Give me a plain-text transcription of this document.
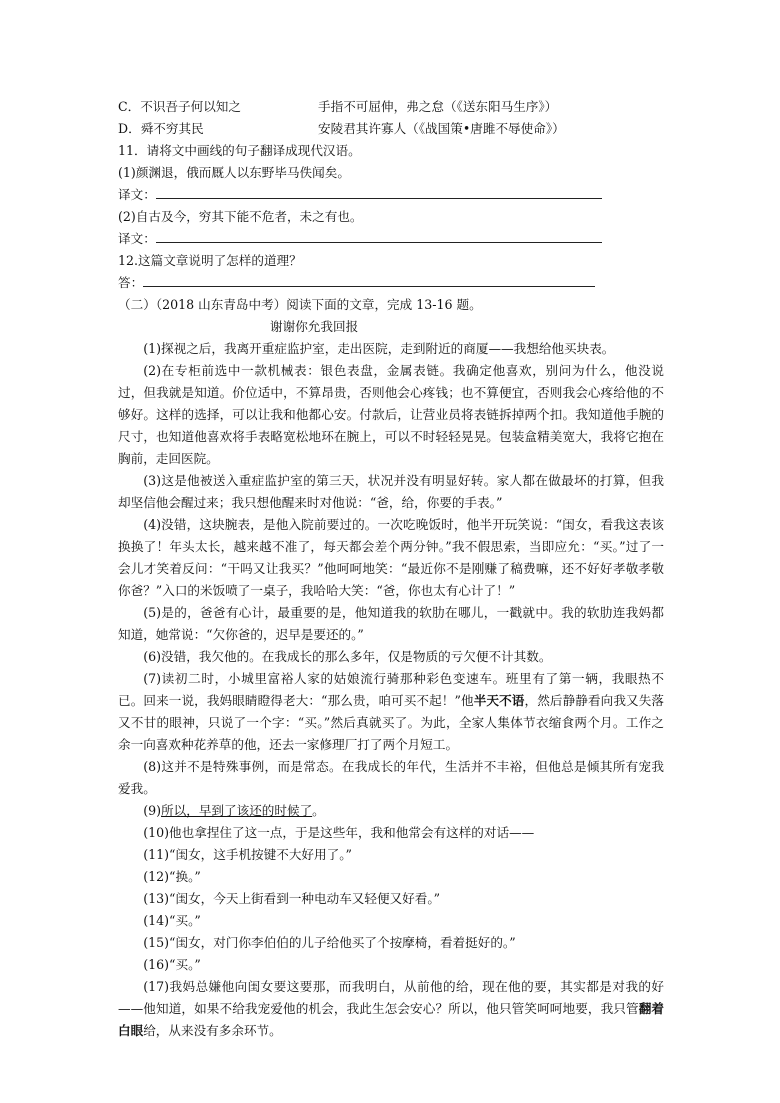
C．不识吾子何以知之	手指不可屈伸，弗之怠（《送东阳马生序》）
D．舜不穷其民	安陵君其许寡人（《战国策•唐雎不辱使命》）
11．请将文中画线的句子翻译成现代汉语。
(1)颜渊退，俄而厩人以东野毕马佚闻矣。
译文：
(2)自古及今，穷其下能不危者，未之有也。
译文：
12.这篇文章说明了怎样的道理？
答：
（二）（2018 山东青岛中考）阅读下面的文章，完成 13-16 题。
谢谢你允我回报
(1)探视之后，我离开重症监护室，走出医院，走到附近的商厦——我想给他买块表。
(2)在专柜前选中一款机械表：银色表盘，金属表链。我确定他喜欢，别问为什么，他没说过，但我就是知道。价位适中，不算昂贵，否则他会心疼钱；也不算便宜，否则我会心疼给他的不够好。这样的选择，可以让我和他都心安。付款后，让营业员将表链拆掉两个扣。我知道他手腕的尺寸，也知道他喜欢将手表略宽松地环在腕上，可以不时轻轻晃晃。包装盒精美宽大，我将它抱在胸前，走回医院。
(3)这是他被送入重症监护室的第三天，状况并没有明显好转。家人都在做最坏的打算，但我却坚信他会醒过来；我只想他醒来时对他说：“爸，给，你要的手表。”
(4)没错，这块腕表，是他入院前要过的。一次吃晚饭时，他半开玩笑说：“闺女，看我这表该换换了！年头太长，越来越不准了，每天都会差个两分钟。”我不假思索，当即应允：“买。”过了一会儿才笑着反问：“干吗又让我买？”他呵呵地笑：“最近你不是刚赚了稿费嘛，还不好好孝敬孝敬你爸？”入口的米饭喷了一桌子，我哈哈大笑：“爸，你也太有心计了！”
(5)是的，爸爸有心计，最重要的是，他知道我的软肋在哪儿，一戳就中。我的软肋连我妈都知道，她常说：“欠你爸的，迟早是要还的。”
(6)没错，我欠他的。在我成长的那么多年，仅是物质的亏欠便不计其数。
(7)读初二时，小城里富裕人家的姑娘流行骑那种彩色变速车。班里有了第一辆，我眼热不已。回来一说，我妈眼睛瞪得老大：“那么贵，咱可买不起！”他半天不语，然后静静看向我又失落又不甘的眼神，只说了一个字：“买。”然后真就买了。为此，全家人集体节衣缩食两个月。工作之余一向喜欢种花养草的他，还去一家修理厂打了两个月短工。
(8)这并不是特殊事例，而是常态。在我成长的年代，生活并不丰裕，但他总是倾其所有宠我爱我。
(9)所以，早到了该还的时候了。
(10)他也拿捏住了这一点，于是这些年，我和他常会有这样的对话——
(11)“闺女，这手机按键不大好用了。”
(12)“换。”
(13)“闺女，今天上街看到一种电动车又轻便又好看。”
(14)“买。”
(15)“闺女，对门你李伯伯的儿子给他买了个按摩椅，看着挺好的。”
(16)“买。”
(17)我妈总嫌他向闺女要这要那，而我明白，从前他的给，现在他的要，其实都是对我的好——他知道，如果不给我宠爱他的机会，我此生怎会安心？所以，他只管笑呵呵地要，我只管翻着白眼给，从来没有多余环节。
